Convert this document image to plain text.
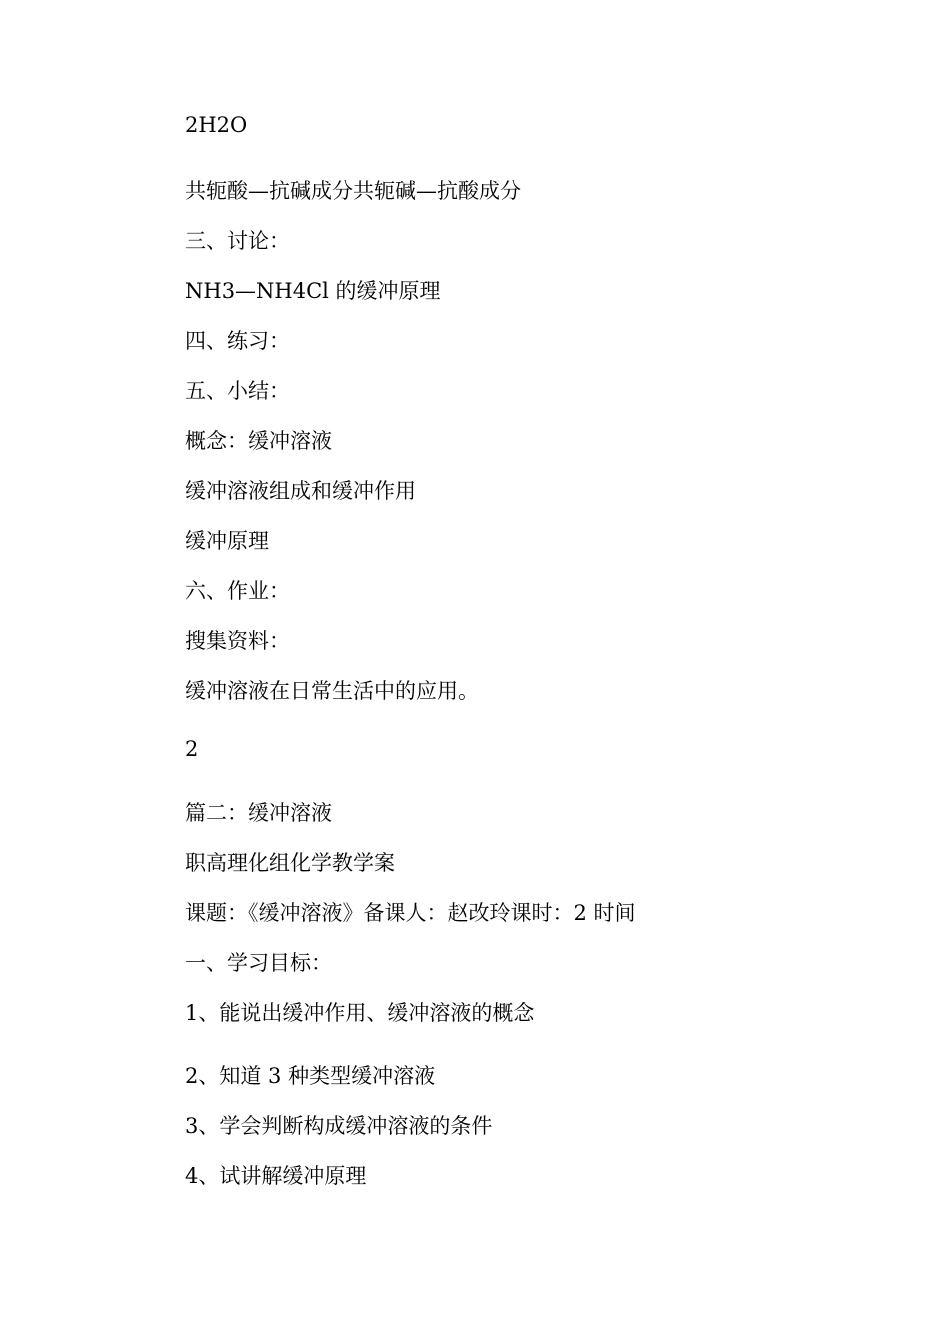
2H2O

共轭酸—抗碱成分共轭碱—抗酸成分

三、讨论：

NH3—NH4Cl 的缓冲原理

四、练习：

五、小结：

概念：缓冲溶液

缓冲溶液组成和缓冲作用

缓冲原理

六、作业：

搜集资料：

缓冲溶液在日常生活中的应用。

2

篇二：缓冲溶液

职高理化组化学教学案

课题：《缓冲溶液》备课人：赵改玲课时：2 时间

一、学习目标：

1、能说出缓冲作用、缓冲溶液的概念

2、知道 3 种类型缓冲溶液

3、学会判断构成缓冲溶液的条件

4、试讲解缓冲原理
